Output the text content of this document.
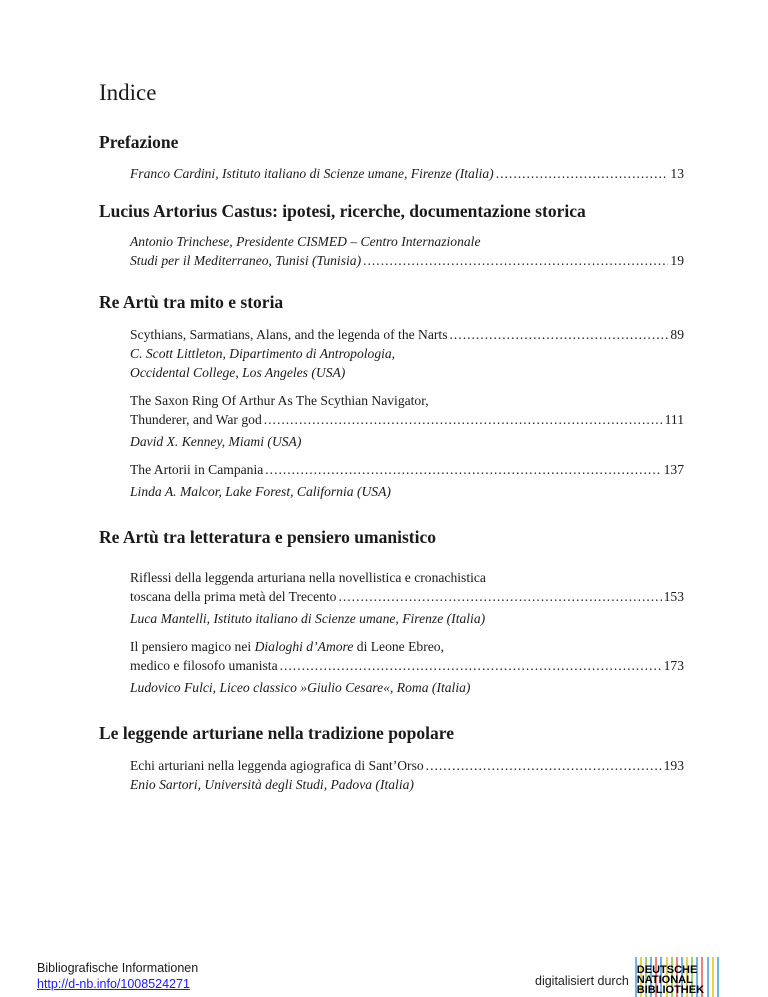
Indice
Prefazione
Franco Cardini, Istituto italiano di Scienze umane, Firenze (Italia) .....	13
Lucius Artorius Castus: ipotesi, ricerche, documentazione storica
Antonio Trinchese, Presidente CISMED – Centro Internazionale
Studi per il Mediterraneo, Tunisi (Tunisia) .....	19
Re Artù tra mito e storia
Scythians, Sarmatians, Alans, and the legenda of the Narts .....	89
C. Scott Littleton, Dipartimento di Antropologia,
Occidental College, Los Angeles (USA)
The Saxon Ring Of Arthur As The Scythian Navigator,
Thunderer, and War god .....	111
David X. Kenney, Miami (USA)
The Artorii in Campania .....	137
Linda A. Malcor, Lake Forest, California (USA)
Re Artù tra letteratura e pensiero umanistico
Riflessi della leggenda arturiana nella novellistica e cronachistica
toscana della prima metà del Trecento .....	153
Luca Mantelli, Istituto italiano di Scienze umane, Firenze (Italia)
Il pensiero magico nei Dialoghi d’Amore di Leone Ebreo,
medico e filosofo umanista .....	173
Ludovico Fulci, Liceo classico »Giulio Cesare«, Roma (Italia)
Le leggende arturiane nella tradizione popolare
Echi arturiani nella leggenda agiografica di Sant’Orso .....	193
Enio Sartori, Università degli Studi, Padova (Italia)
Bibliografische Informationen
http://d-nb.info/1008524271	digitalisiert durch
DEUTSCHE
NATIONAL
BIBLIOTHEK
